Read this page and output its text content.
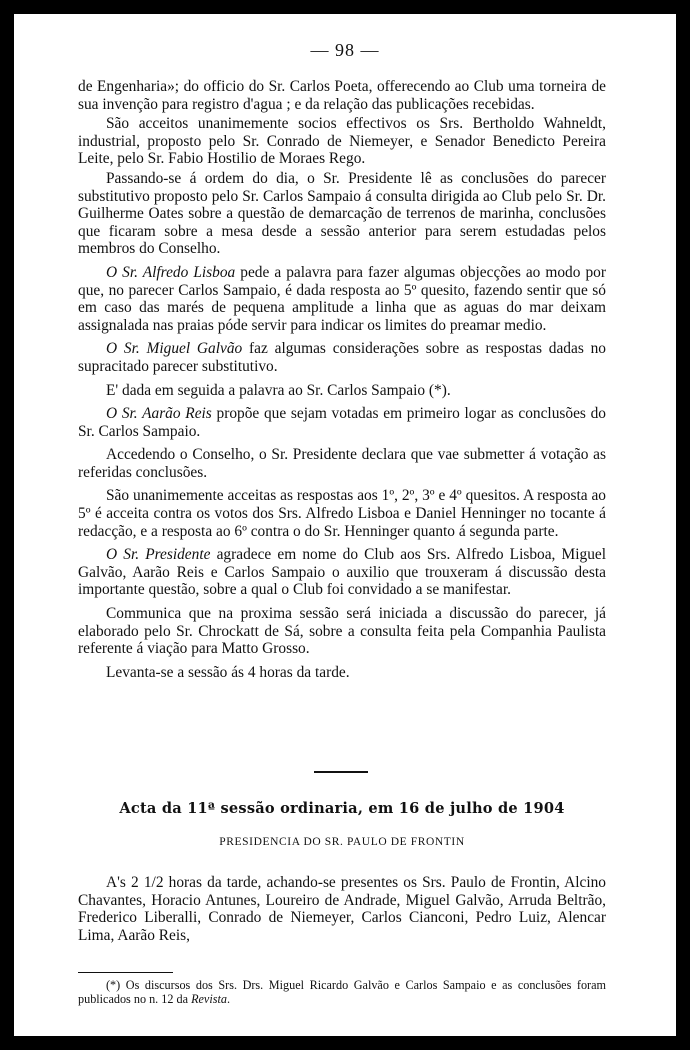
— 98 —

de Engenharia»; do officio do Sr. Carlos Poeta, offerecendo ao Club uma torneira de sua invenção para registro d'agua ; e da relação das publicações recebidas.

São acceitos unanimemente socios effectivos os Srs. Bertholdo Wahneldt, industrial, proposto pelo Sr. Conrado de Niemeyer, e Senador Benedicto Pereira Leite, pelo Sr. Fabio Hostilio de Moraes Rego.

Passando-se á ordem do dia, o Sr. Presidente lê as conclusões do parecer substitutivo proposto pelo Sr. Carlos Sampaio á consulta dirigida ao Club pelo Sr. Dr. Guilherme Oates sobre a questão de demarcação de terrenos de marinha, conclusões que ficaram sobre a mesa desde a sessão anterior para serem estudadas pelos membros do Conselho.

O Sr. Alfredo Lisboa pede a palavra para fazer algumas objecções ao modo por que, no parecer Carlos Sampaio, é dada resposta ao 5º quesito, fazendo sentir que só em caso das marés de pequena amplitude a linha que as aguas do mar deixam assignalada nas praias póde servir para indicar os limites do preamar medio.

O Sr. Miguel Galvão faz algumas considerações sobre as respostas dadas no supracitado parecer substitutivo.

E' dada em seguida a palavra ao Sr. Carlos Sampaio (*).

O Sr. Aarão Reis propõe que sejam votadas em primeiro logar as conclusões do Sr. Carlos Sampaio.

Accedendo o Conselho, o Sr. Presidente declara que vae submetter á votação as referidas conclusões.

São unanimemente acceitas as respostas aos 1º, 2º, 3º e 4º quesitos. A resposta ao 5º é acceita contra os votos dos Srs. Alfredo Lisboa e Daniel Henninger no tocante á redacção, e a resposta ao 6º contra o do Sr. Henninger quanto á segunda parte.

O Sr. Presidente agradece em nome do Club aos Srs. Alfredo Lisboa, Miguel Galvão, Aarão Reis e Carlos Sampaio o auxilio que trouxeram á discussão desta importante questão, sobre a qual o Club foi convidado a se manifestar.

Communica que na proxima sessão será iniciada a discussão do parecer, já elaborado pelo Sr. Chrockatt de Sá, sobre a consulta feita pela Companhia Paulista referente á viação para Matto Grosso.

Levanta-se a sessão ás 4 horas da tarde.

Acta da 11ª sessão ordinaria, em 16 de julho de 1904
PRESIDENCIA DO SR. PAULO DE FRONTIN
A's 2 1/2 horas da tarde, achando-se presentes os Srs. Paulo de Frontin, Alcino Chavantes, Horacio Antunes, Loureiro de Andrade, Miguel Galvão, Arruda Beltrão, Frederico Liberalli, Conrado de Niemeyer, Carlos Cianconi, Pedro Luiz, Alencar Lima, Aarão Reis,
(*) Os discursos dos Srs. Drs. Miguel Ricardo Galvão e Carlos Sampaio e as conclusões foram publicados no n. 12 da Revista.
